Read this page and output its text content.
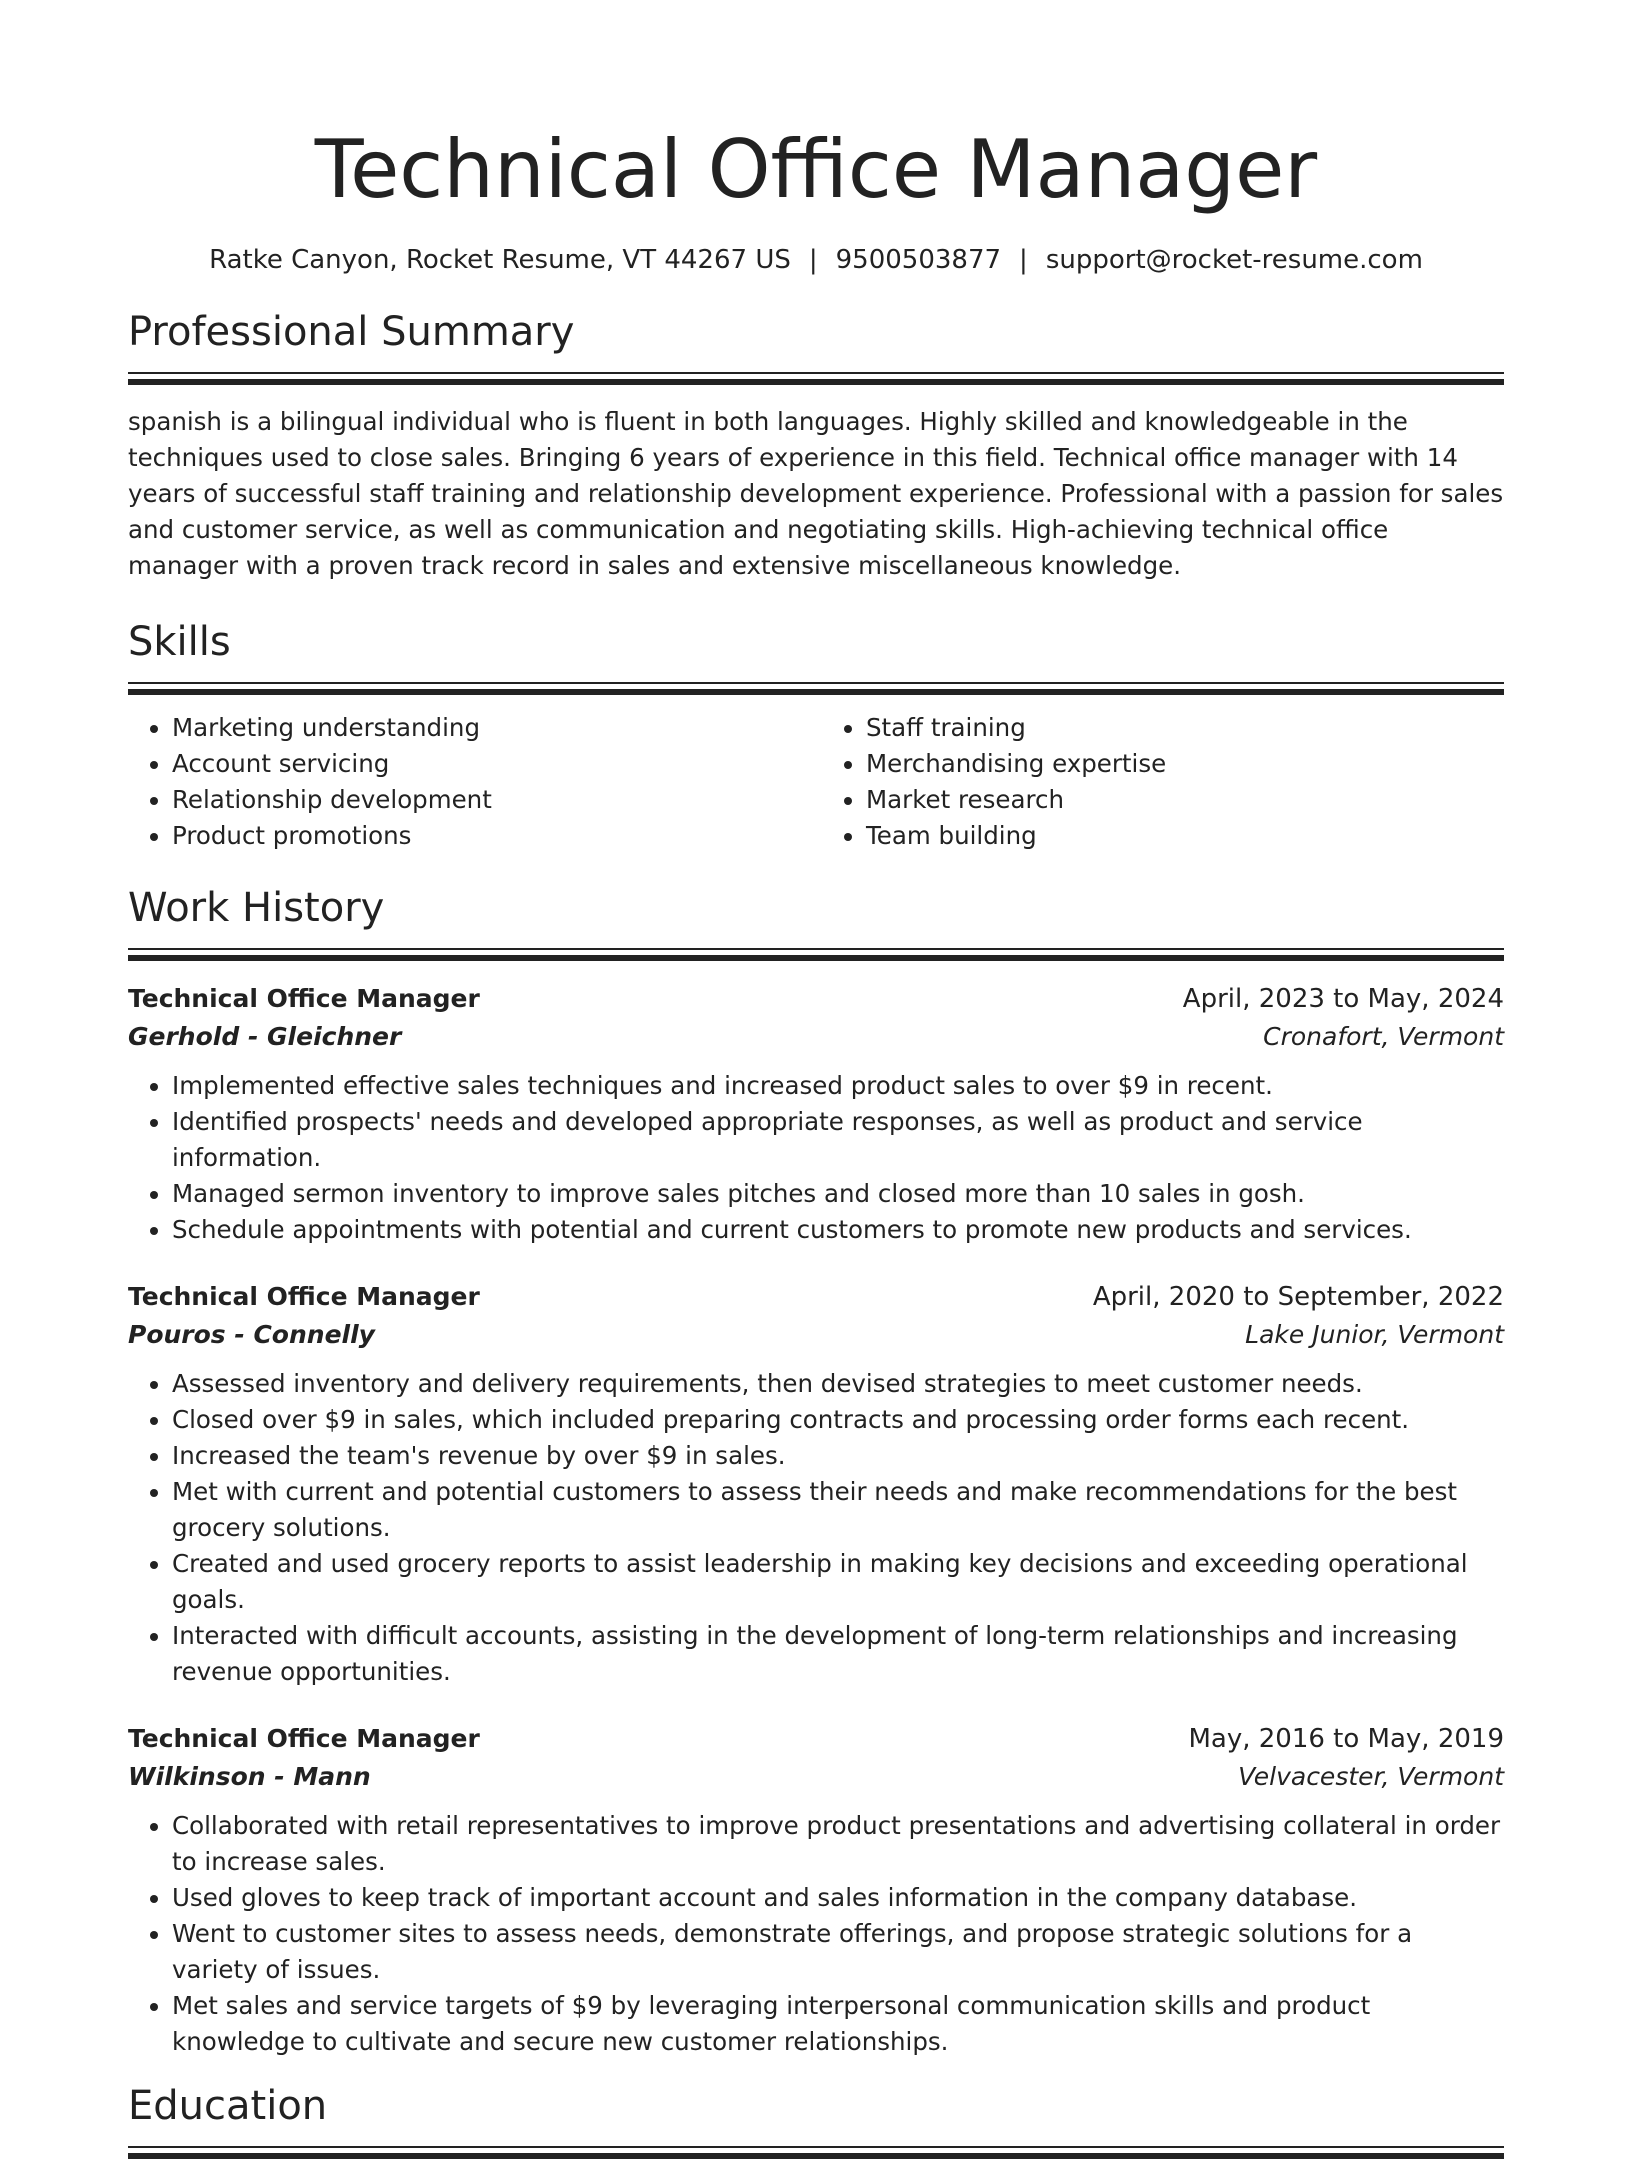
Technical Office Manager
Ratke Canyon, Rocket Resume, VT 44267 US | 9500503877 | support@rocket-resume.com
Professional Summary
spanish is a bilingual individual who is fluent in both languages. Highly skilled and knowledgeable in the techniques used to close sales. Bringing 6 years of experience in this field. Technical office manager with 14 years of successful staff training and relationship development experience. Professional with a passion for sales and customer service, as well as communication and negotiating skills. High-achieving technical office manager with a proven track record in sales and extensive miscellaneous knowledge.
Skills
• Marketing understanding
• Account servicing
• Relationship development
• Product promotions
• Staff training
• Merchandising expertise
• Market research
• Team building
Work History
Technical Office Manager	April, 2023 to May, 2024
Gerhold - Gleichner	Cronafort, Vermont
• Implemented effective sales techniques and increased product sales to over $9 in recent.
• Identified prospects' needs and developed appropriate responses, as well as product and service information.
• Managed sermon inventory to improve sales pitches and closed more than 10 sales in gosh.
• Schedule appointments with potential and current customers to promote new products and services.
Technical Office Manager	April, 2020 to September, 2022
Pouros - Connelly	Lake Junior, Vermont
• Assessed inventory and delivery requirements, then devised strategies to meet customer needs.
• Closed over $9 in sales, which included preparing contracts and processing order forms each recent.
• Increased the team's revenue by over $9 in sales.
• Met with current and potential customers to assess their needs and make recommendations for the best grocery solutions.
• Created and used grocery reports to assist leadership in making key decisions and exceeding operational goals.
• Interacted with difficult accounts, assisting in the development of long-term relationships and increasing revenue opportunities.
Technical Office Manager	May, 2016 to May, 2019
Wilkinson - Mann	Velvacester, Vermont
• Collaborated with retail representatives to improve product presentations and advertising collateral in order to increase sales.
• Used gloves to keep track of important account and sales information in the company database.
• Went to customer sites to assess needs, demonstrate offerings, and propose strategic solutions for a variety of issues.
• Met sales and service targets of $9 by leveraging interpersonal communication skills and product knowledge to cultivate and secure new customer relationships.
Education
